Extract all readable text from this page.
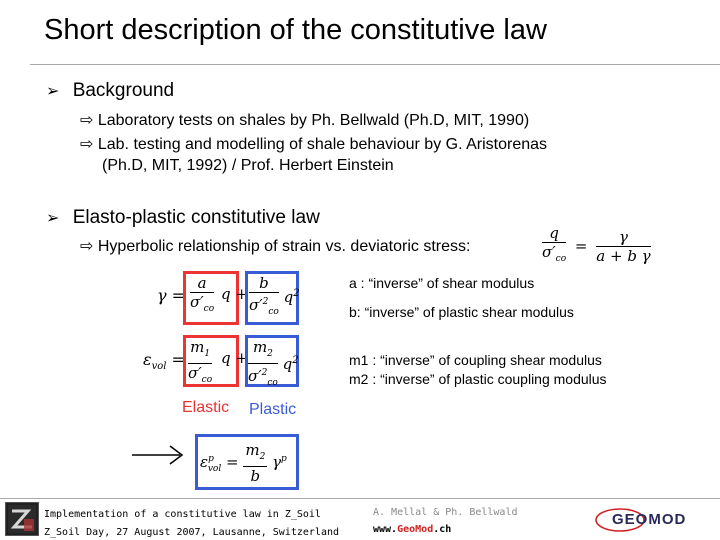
Short description of the constitutive law
➢ Background
⇨ Laboratory tests on shales by Ph. Bellwald (Ph.D, MIT, 1990)
⇨ Lab. testing and modelling of shale behaviour by G. Aristorenas
(Ph.D, MIT, 1992) / Prof. Herbert Einstein
➢ Elasto-plastic constitutive law
⇨ Hyperbolic relationship of strain vs. deviatoric stress:	$\frac{q}{\sigma'_{co}} = \frac{\gamma}{\text{a + b γ}}$
$\gamma = \frac{a}{\sigma'_{co}}$ $q + \frac{b}{\sigma'^2_{co}} q^2$
$\varepsilon_{vol} = \frac{m_1}{\sigma'_{co}}$ $q + \frac{m_2}{\sigma'^2_{co}} q^2$
a : “inverse” of shear modulus
b: “inverse” of plastic shear modulus
m1 : “inverse” of coupling shear modulus
m2 : “inverse” of plastic coupling modulus
Elastic Plastic
$\varepsilon^p_{vol} = \frac{m_2}{b} \gamma^p$
Implementation of a constitutive law in Z_Soil
Z_Soil Day, 27 August 2007, Lausanne, Switzerland
A. Mellal & Ph. Bellwald
www.GeoMod.ch
GEOMOD
